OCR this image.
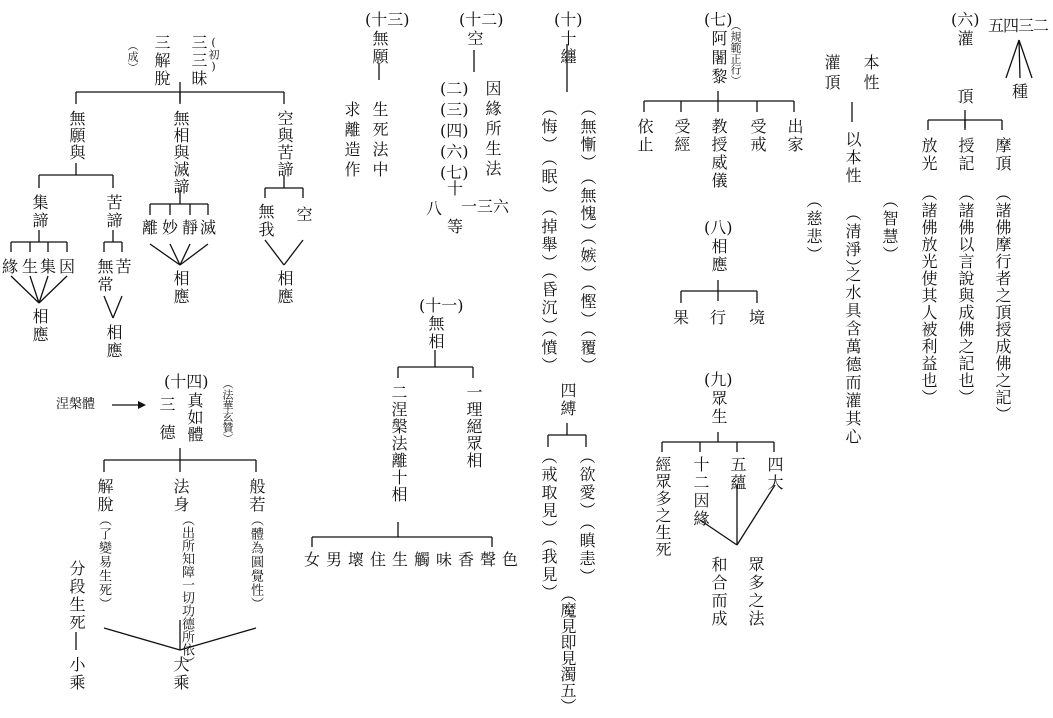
(六)
灌
頂
五四三二
種
摩頂
（諸佛摩行者之頂授成佛之記）
授記
（諸佛以言說與成佛之記也）
放光
（諸佛放光使其人被利益也）
本性
灌頂
以本性
（清淨）
之水具含萬德而灌其心
（智慧）
（慈悲）
(七)
阿闍黎 （規範正行）
出家
受戒
教授威儀
受經
依止
(八)
相應
境
行
果
(九)
眾生
四大
五蘊
十二因緣
經眾多之生死
眾多之法
和合而成
(十)
十纏
（無慚）
（無愧）
（嫉）
（慳）
（覆）
（悔）
（眠）
（掉舉）
（昏沉）
（憤）
四縛
（欲愛）
（瞋恚）
（戒取見）
（我見）
（魔見即見濁五）
(十一)
無相
一理絕眾相
二涅槃法離十相
色聲香味觸生住壞男女
(十二)
空
因緣所生法
(二)
(三)
(四)
(六)
(七)
十
一三六
八
等
(十三)
無願
生死法中
求離造作
(初)
三三昧
三解脫
（成）
空與苦諦
空
無我
相應
無相與滅諦
滅
靜
妙
離
相應
無願與
苦諦
苦
無常
相應
集諦
因
集
生
緣
相應
涅槃體
(十四)
三
德 真如體 （法華玄贊）
般若
（體為圓覺性）
法身
（出所知障一切功德所依）
解脫
（了變易生死）
分段生死
小乘	大乘
